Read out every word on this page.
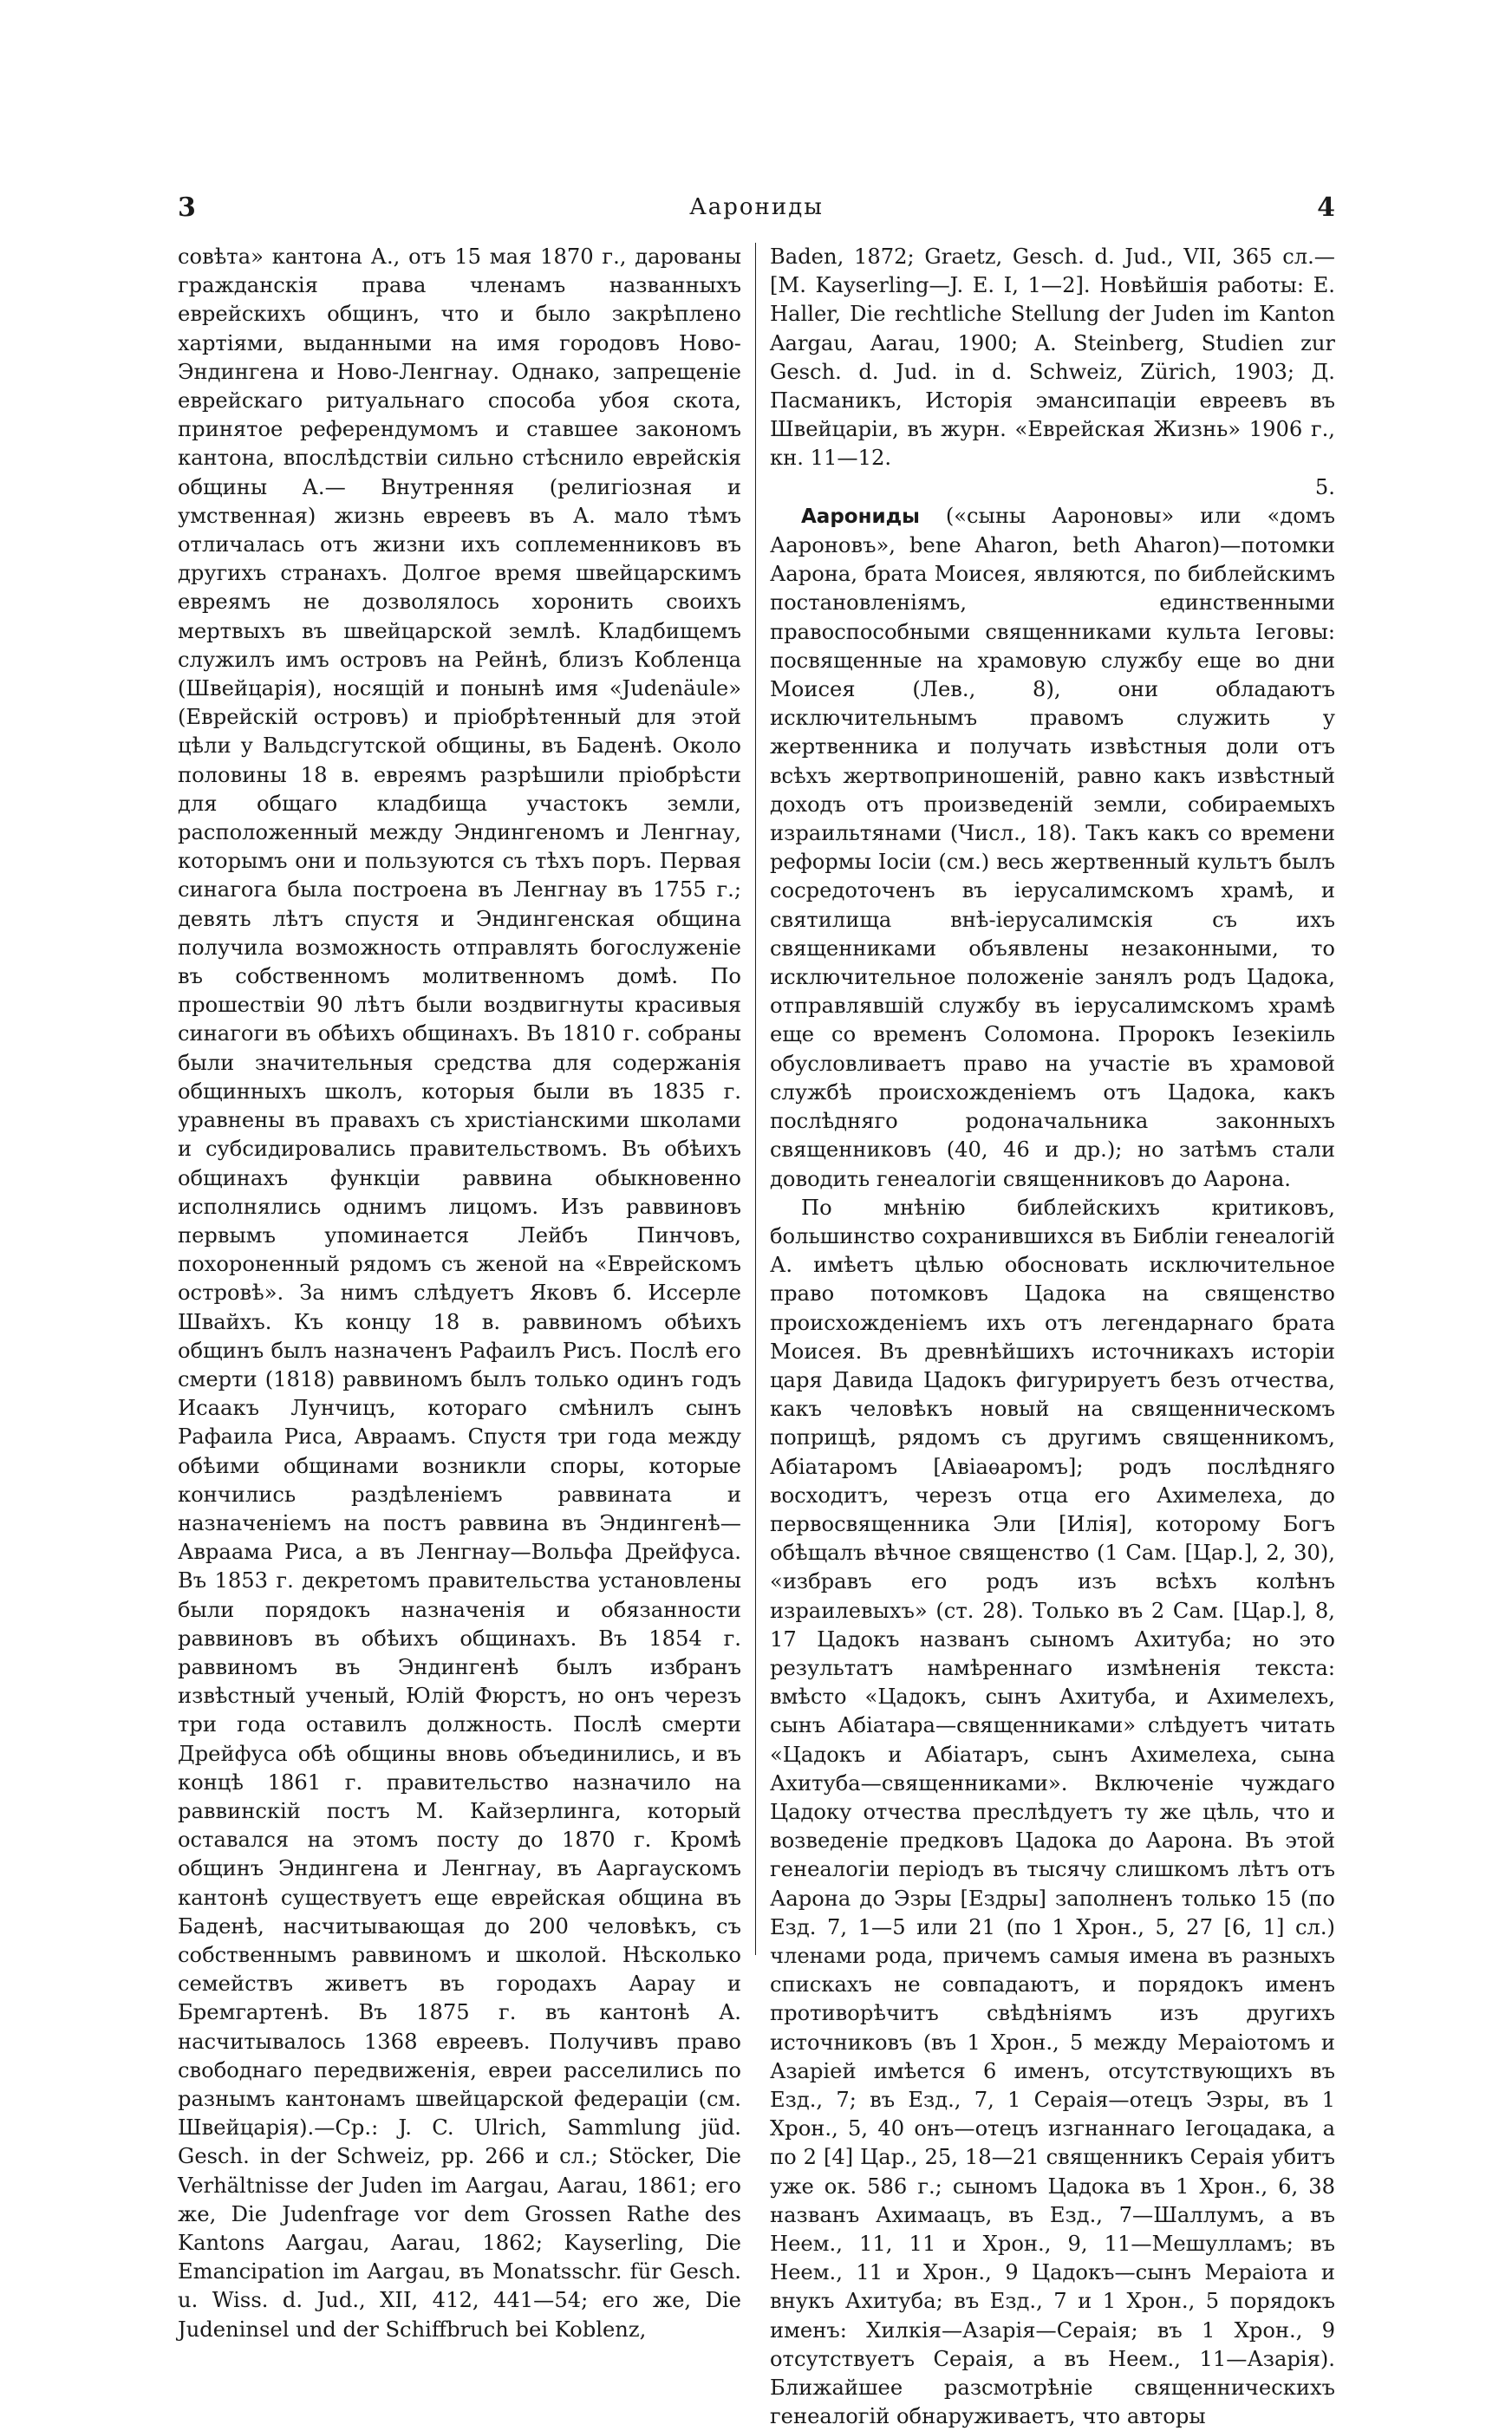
3	Аарониды	4

совѣта» кантона А., отъ 15 мая 1870 г., дарованы гражданскія права членамъ названныхъ еврейскихъ общинъ, что и было закрѣплено хартіями, выданными на имя городовъ Ново-Эндингена и Ново-Ленгнау. Однако, запрещеніе еврейскаго ритуальнаго способа убоя скота, принятое референдумомъ и ставшее закономъ кантона, впослѣдствіи сильно стѣснило еврейскія общины А.— Внутренняя (религіозная и умственная) жизнь евреевъ въ А. мало тѣмъ отличалась отъ жизни ихъ соплеменниковъ въ другихъ странахъ. Долгое время швейцарскимъ евреямъ не дозволялось хоронить своихъ мертвыхъ въ швейцарской землѣ. Кладбищемъ служилъ имъ островъ на Рейнѣ, близъ Кобленца (Швейцарія), носящій и понынѣ имя «Judenäule» (Еврейскій островъ) и пріобрѣтенный для этой цѣли у Вальдсгутской общины, въ Баденѣ. Около половины 18 в. евреямъ разрѣшили пріобрѣсти для общаго кладбища участокъ земли, расположенный между Эндингеномъ и Ленгнау, которымъ они и пользуются съ тѣхъ поръ. Первая синагога была построена въ Ленгнау въ 1755 г.; девять лѣтъ спустя и Эндингенская община получила возможность отправлять богослуженіе въ собственномъ молитвенномъ домѣ. По прошествіи 90 лѣтъ были воздвигнуты красивыя синагоги въ обѣихъ общинахъ. Въ 1810 г. собраны были значительныя средства для содержанія общинныхъ школъ, которыя были въ 1835 г. уравнены въ правахъ съ христіанскими школами и субсидировались правительствомъ. Въ обѣихъ общинахъ функціи раввина обыкновенно исполнялись однимъ лицомъ. Изъ раввиновъ первымъ упоминается Лейбъ Пинчовъ, похороненный рядомъ съ женой на «Еврейскомъ островѣ». За нимъ слѣдуетъ Яковъ б. Иссерле Швайхъ. Къ концу 18 в. раввиномъ обѣихъ общинъ былъ назначенъ Рафаилъ Рисъ. Послѣ его смерти (1818) раввиномъ былъ только одинъ годъ Исаакъ Лунчицъ, котораго смѣнилъ сынъ Рафаила Риса, Авраамъ. Спустя три года между обѣими общинами возникли споры, которые кончились раздѣленіемъ раввината и назначеніемъ на постъ раввина въ Эндингенѣ—Авраама Риса, а въ Ленгнау—Вольфа Дрейфуса. Въ 1853 г. декретомъ правительства установлены были порядокъ назначенія и обязанности раввиновъ въ обѣихъ общинахъ. Въ 1854 г. раввиномъ въ Эндингенѣ былъ избранъ извѣстный ученый, Юлій Фюрстъ, но онъ черезъ три года оставилъ должность. Послѣ смерти Дрейфуса обѣ общины вновь объединились, и въ концѣ 1861 г. правительство назначило на раввинскій постъ М. Кайзерлинга, который оставался на этомъ посту до 1870 г. Кромѣ общинъ Эндингена и Ленгнау, въ Ааргаускомъ кантонѣ существуетъ еще еврейская община въ Баденѣ, насчитывающая до 200 человѣкъ, съ собственнымъ раввиномъ и школой. Нѣсколько семействъ живетъ въ городахъ Аарау и Бремгартенѣ. Въ 1875 г. въ кантонѣ А. насчитывалось 1368 евреевъ. Получивъ право свободнаго передвиженія, евреи расселились по разнымъ кантонамъ швейцарской федераціи (см. Швейцарія).—Ср.: J. C. Ulrich, Sammlung jüd. Gesch. in der Schweiz, pp. 266 и сл.; Stöcker, Die Verhältnisse der Juden im Aargau, Aarau, 1861; его же, Die Judenfrage vor dem Grossen Rathe des Kantons Aargau, Aarau, 1862; Kayserling, Die Emancipation im Aargau, въ Monatsschr. für Gesch. u. Wiss. d. Jud., XII, 412, 441—54; его же, Die Judeninsel und der Schiffbruch bei Koblenz,

Baden, 1872; Graetz, Gesch. d. Jud., VII, 365 сл.— [M. Kayserling—J. E. I, 1—2]. Новѣйшія работы: E. Haller, Die rechtliche Stellung der Juden im Kanton Aargau, Aarau, 1900; A. Steinberg, Studien zur Gesch. d. Jud. in d. Schweiz, Zürich, 1903; Д. Пасманикъ, Исторія эмансипаціи евреевъ въ Швейцаріи, въ журн. «Еврейская Жизнь» 1906 г., кн. 11—12.

5.

Аарониды («сыны Аароновы» или «домъ Аароновъ», bene Aharon, beth Aharon)—потомки Аарона, брата Моисея, являются, по библейскимъ постановленіямъ, единственными правоспособными священниками культа Іеговы: посвященные на храмовую службу еще во дни Моисея (Лев., 8), они обладаютъ исключительнымъ правомъ служить у жертвенника и получать извѣстныя доли отъ всѣхъ жертвоприношеній, равно какъ извѣстный доходъ отъ произведеній земли, собираемыхъ израильтянами (Числ., 18). Такъ какъ со времени реформы Іосіи (см.) весь жертвенный культъ былъ сосредоточенъ въ іерусалимскомъ храмѣ, и святилища внѣ-іерусалимскія съ ихъ священниками объявлены незаконными, то исключительное положеніе занялъ родъ Цадока, отправлявшій службу въ іерусалимскомъ храмѣ еще со временъ Соломона. Пророкъ Іезекіиль обусловливаетъ право на участіе въ храмовой службѣ происхожденіемъ отъ Цадока, какъ послѣдняго родоначальника законныхъ священниковъ (40, 46 и др.); но затѣмъ стали доводить генеалогіи священниковъ до Аарона.

По мнѣнію библейскихъ критиковъ, большинство сохранившихся въ Библіи генеалогій А. имѣетъ цѣлью обосновать исключительное право потомковъ Цадока на священство происхожденіемъ ихъ отъ легендарнаго брата Моисея. Въ древнѣйшихъ источникахъ исторіи царя Давида Цадокъ фигурируетъ безъ отчества, какъ человѣкъ новый на священническомъ поприщѣ, рядомъ съ другимъ священникомъ, Абіатаромъ [Авіаѳаромъ]; родъ послѣдняго восходитъ, черезъ отца его Ахимелеха, до первосвященника Эли [Илія], которому Богъ обѣщалъ вѣчное священство (1 Сам. [Цар.], 2, 30), «избравъ его родъ изъ всѣхъ колѣнъ израилевыхъ» (ст. 28). Только въ 2 Сам. [Цар.], 8, 17 Цадокъ названъ сыномъ Ахитуба; но это результатъ намѣреннаго измѣненія текста: вмѣсто «Цадокъ, сынъ Ахитуба, и Ахимелехъ, сынъ Абіатара—священниками» слѣдуетъ читать «Цадокъ и Абіатаръ, сынъ Ахимелеха, сына Ахитуба—священниками». Включеніе чуждаго Цадоку отчества преслѣдуетъ ту же цѣль, что и возведеніе предковъ Цадока до Аарона. Въ этой генеалогіи періодъ въ тысячу слишкомъ лѣтъ отъ Аарона до Эзры [Ездры] заполненъ только 15 (по Езд. 7, 1—5 или 21 (по 1 Хрон., 5, 27 [6, 1] сл.) членами рода, причемъ самыя имена въ разныхъ спискахъ не совпадаютъ, и порядокъ именъ противорѣчитъ свѣдѣніямъ изъ другихъ источниковъ (въ 1 Хрон., 5 между Мераіотомъ и Азаріей имѣется 6 именъ, отсутствующихъ въ Езд., 7; въ Езд., 7, 1 Сераія—отецъ Эзры, въ 1 Хрон., 5, 40 онъ—отецъ изгнаннаго Іегоцадака, а по 2 [4] Цар., 25, 18—21 священникъ Сераія убитъ уже ок. 586 г.; сыномъ Цадока въ 1 Хрон., 6, 38 названъ Ахимаацъ, въ Езд., 7—Шаллумъ, а въ Неем., 11, 11 и Хрон., 9, 11—Мешулламъ; въ Неем., 11 и Хрон., 9 Цадокъ—сынъ Мераіота и внукъ Ахитуба; въ Езд., 7 и 1 Хрон., 5 порядокъ именъ: Хилкія—Азарія—Сераія; въ 1 Хрон., 9 отсутствуетъ Сераія, а въ Неем., 11—Азарія). Ближайшее разсмотрѣніе священническихъ генеалогій обнаруживаетъ, что авторы
